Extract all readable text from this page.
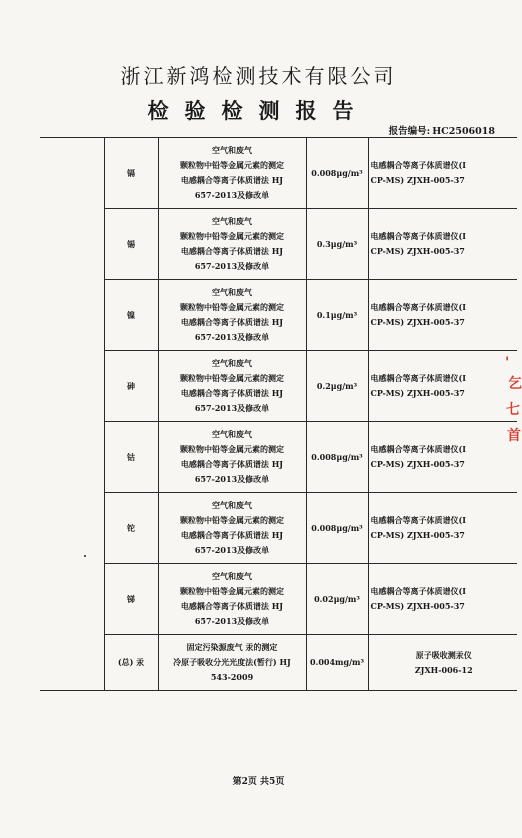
浙江新鸿检测技术有限公司
检验检测报告
报告编号: HC2506018
	镉	空气和废气
颗粒物中铅等金属元素的测定
电感耦合等离子体质谱法 HJ
657-2013及修改单	0.008μg/m³	电感耦合等离子体质谱仪(I
CP-MS) ZJXH-005-37

	锡	空气和废气
颗粒物中铅等金属元素的测定
电感耦合等离子体质谱法 HJ
657-2013及修改单	0.3μg/m³	电感耦合等离子体质谱仪(I
CP-MS) ZJXH-005-37

	镍	空气和废气
颗粒物中铅等金属元素的测定
电感耦合等离子体质谱法 HJ
657-2013及修改单	0.1μg/m³	电感耦合等离子体质谱仪(I
CP-MS) ZJXH-005-37

	砷	空气和废气
颗粒物中铅等金属元素的测定
电感耦合等离子体质谱法 HJ
657-2013及修改单	0.2μg/m³	电感耦合等离子体质谱仪(I
CP-MS) ZJXH-005-37

	钴	空气和废气
颗粒物中铅等金属元素的测定
电感耦合等离子体质谱法 HJ
657-2013及修改单	0.008μg/m³	电感耦合等离子体质谱仪(I
CP-MS) ZJXH-005-37

	铊	空气和废气
颗粒物中铅等金属元素的测定
电感耦合等离子体质谱法 HJ
657-2013及修改单	0.008μg/m³	电感耦合等离子体质谱仪(I
CP-MS) ZJXH-005-37

	锑	空气和废气
颗粒物中铅等金属元素的测定
电感耦合等离子体质谱法 HJ
657-2013及修改单	0.02μg/m³	电感耦合等离子体质谱仪(I
CP-MS) ZJXH-005-37

	(总) 汞	固定污染源废气 汞的测定
冷原子吸收分光光度法(暂行) HJ
543-2009	0.004mg/m³	原子吸收测汞仪
ZJXH-006-12
第2页 共5页
'
乞
七
首
